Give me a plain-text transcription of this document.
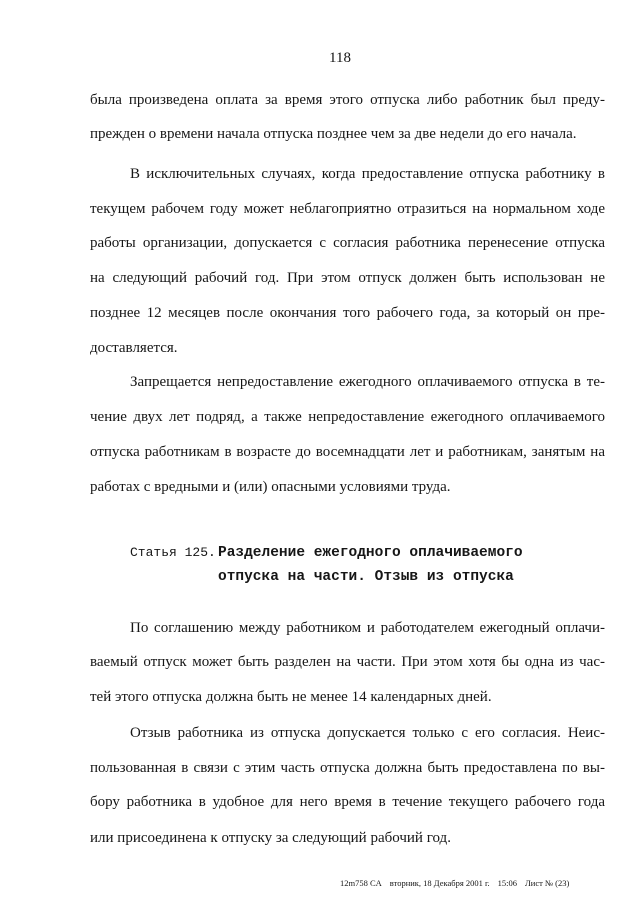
118
была произведена оплата за время этого отпуска либо работник был преду-
прежден о времени начала отпуска позднее чем за две недели до его начала.
В исключительных случаях, когда предоставление отпуска работнику в
текущем рабочем году может неблагоприятно отразиться на нормальном ходе
работы организации, допускается с согласия работника перенесение отпуска
на следующий рабочий год. При этом отпуск должен быть использован не
позднее 12 месяцев после окончания того рабочего года, за который он пре-
доставляется.
Запрещается непредоставление ежегодного оплачиваемого отпуска в те-
чение двух лет подряд, а также непредоставление ежегодного оплачиваемого
отпуска работникам в возрасте до восемнадцати лет и работникам, занятым на
работах с вредными и (или) опасными условиями труда.
Статья 125. Разделение ежегодного оплачиваемого
отпуска на части. Отзыв из отпуска
По соглашению между работником и работодателем ежегодный оплачи-
ваемый отпуск может быть разделен на части. При этом хотя бы одна из час-
тей этого отпуска должна быть не менее 14 календарных дней.
Отзыв работника из отпуска допускается только с его согласия. Неис-
пользованная в связи с этим часть отпуска должна быть предоставлена по вы-
бору работника в удобное для него время в течение текущего рабочего года
или присоединена к отпуску за следующий рабочий год.
12m758 CA вторник, 18 Декабря 2001 г. 15:06 Лист № (23)
